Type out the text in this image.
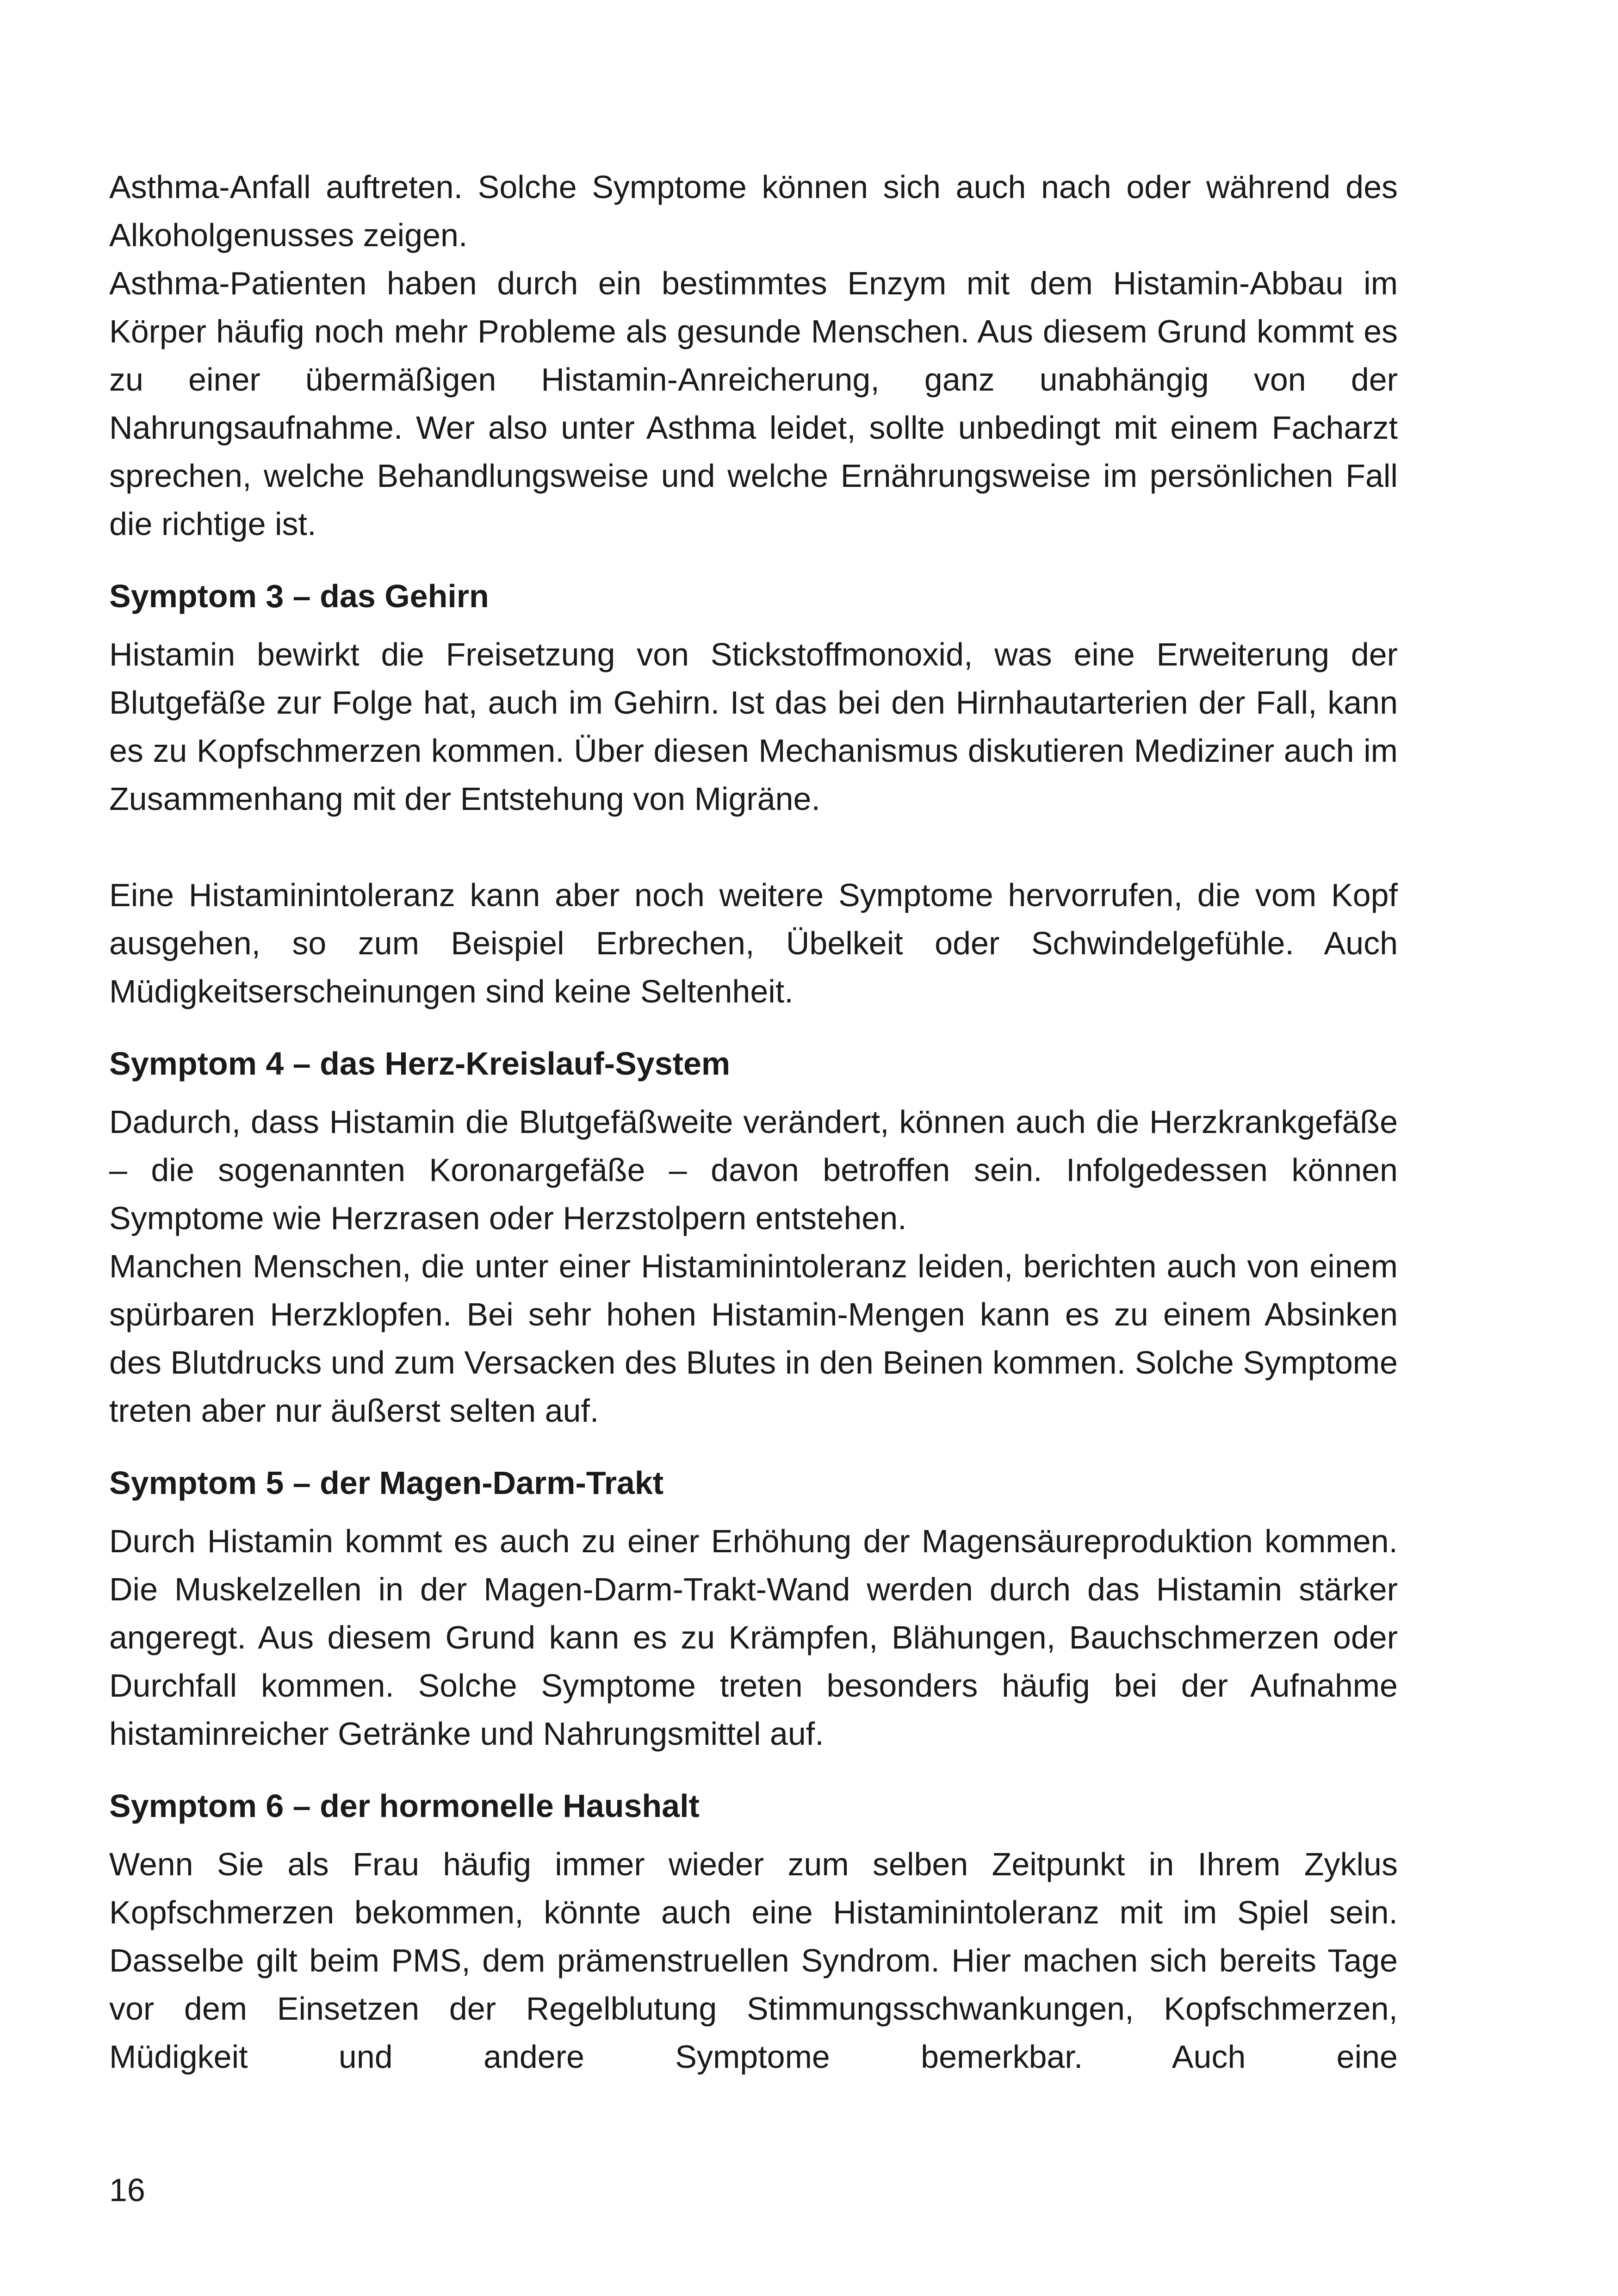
Asthma-Anfall auftreten. Solche Symptome können sich auch nach oder während des Alkoholgenusses zeigen.

Asthma-Patienten haben durch ein bestimmtes Enzym mit dem Histamin-Abbau im Körper häufig noch mehr Probleme als gesunde Menschen. Aus diesem Grund kommt es zu einer übermäßigen Histamin-Anreicherung, ganz unabhängig von der Nahrungsaufnahme. Wer also unter Asthma leidet, sollte unbedingt mit einem Facharzt sprechen, welche Behandlungsweise und welche Ernährungsweise im persönlichen Fall die richtige ist.

Symptom 3 – das Gehirn

Histamin bewirkt die Freisetzung von Stickstoffmonoxid, was eine Erweiterung der Blutgefäße zur Folge hat, auch im Gehirn. Ist das bei den Hirnhautarterien der Fall, kann es zu Kopfschmerzen kommen. Über diesen Mechanismus diskutieren Mediziner auch im Zusammenhang mit der Entstehung von Migräne.

Eine Histaminintoleranz kann aber noch weitere Symptome hervorrufen, die vom Kopf ausgehen, so zum Beispiel Erbrechen, Übelkeit oder Schwindelgefühle. Auch Müdigkeitserscheinungen sind keine Seltenheit.

Symptom 4 – das Herz-Kreislauf-System

Dadurch, dass Histamin die Blutgefäßweite verändert, können auch die Herzkrankgefäße – die sogenannten Koronargefäße – davon betroffen sein. Infolgedessen können Symptome wie Herzrasen oder Herzstolpern entstehen.

Manchen Menschen, die unter einer Histaminintoleranz leiden, berichten auch von einem spürbaren Herzklopfen. Bei sehr hohen Histamin-Mengen kann es zu einem Absinken des Blutdrucks und zum Versacken des Blutes in den Beinen kommen. Solche Symptome treten aber nur äußerst selten auf.

Symptom 5 – der Magen-Darm-Trakt

Durch Histamin kommt es auch zu einer Erhöhung der Magensäureproduktion kommen. Die Muskelzellen in der Magen-Darm-Trakt-Wand werden durch das Histamin stärker angeregt. Aus diesem Grund kann es zu Krämpfen, Blähungen, Bauchschmerzen oder Durchfall kommen. Solche Symptome treten besonders häufig bei der Aufnahme histaminreicher Getränke und Nahrungsmittel auf.

Symptom 6 – der hormonelle Haushalt

Wenn Sie als Frau häufig immer wieder zum selben Zeitpunkt in Ihrem Zyklus Kopfschmerzen bekommen, könnte auch eine Histaminintoleranz mit im Spiel sein. Dasselbe gilt beim PMS, dem prämenstruellen Syndrom. Hier machen sich bereits Tage vor dem Einsetzen der Regelblutung Stimmungsschwankungen, Kopfschmerzen, Müdigkeit und andere Symptome bemerkbar. Auch eine

16
